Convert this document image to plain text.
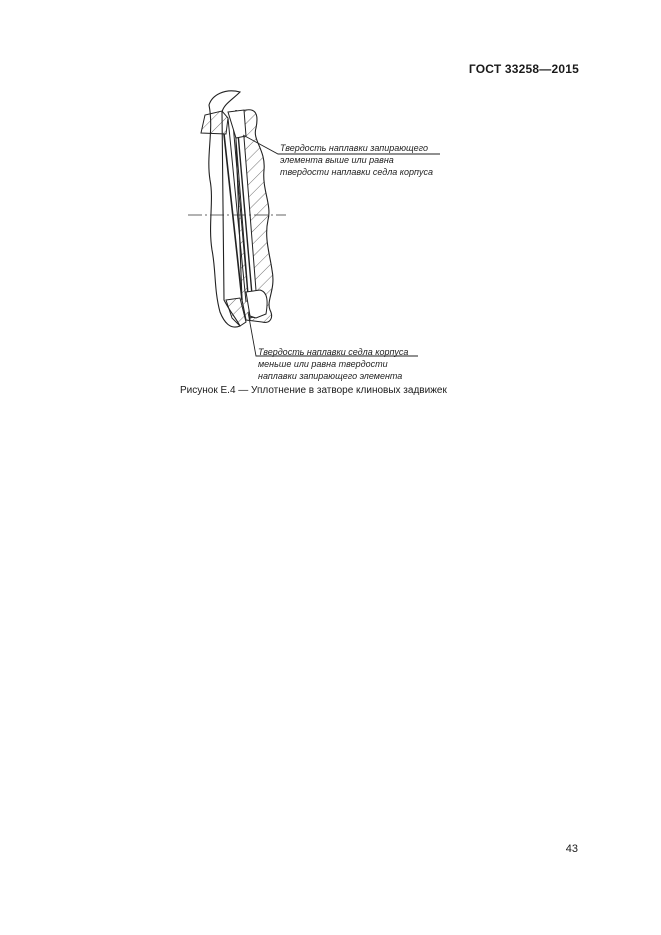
ГОСТ 33258—2015
Твердость наплавки запирающего
элемента выше или равна
твердости наплавки седла корпуса
Твердость наплавки седла корпуса
меньше или равна твердости
наплавки запирающего элемента
Рисунок Е.4 — Уплотнение в затворе клиновых задвижек
43
